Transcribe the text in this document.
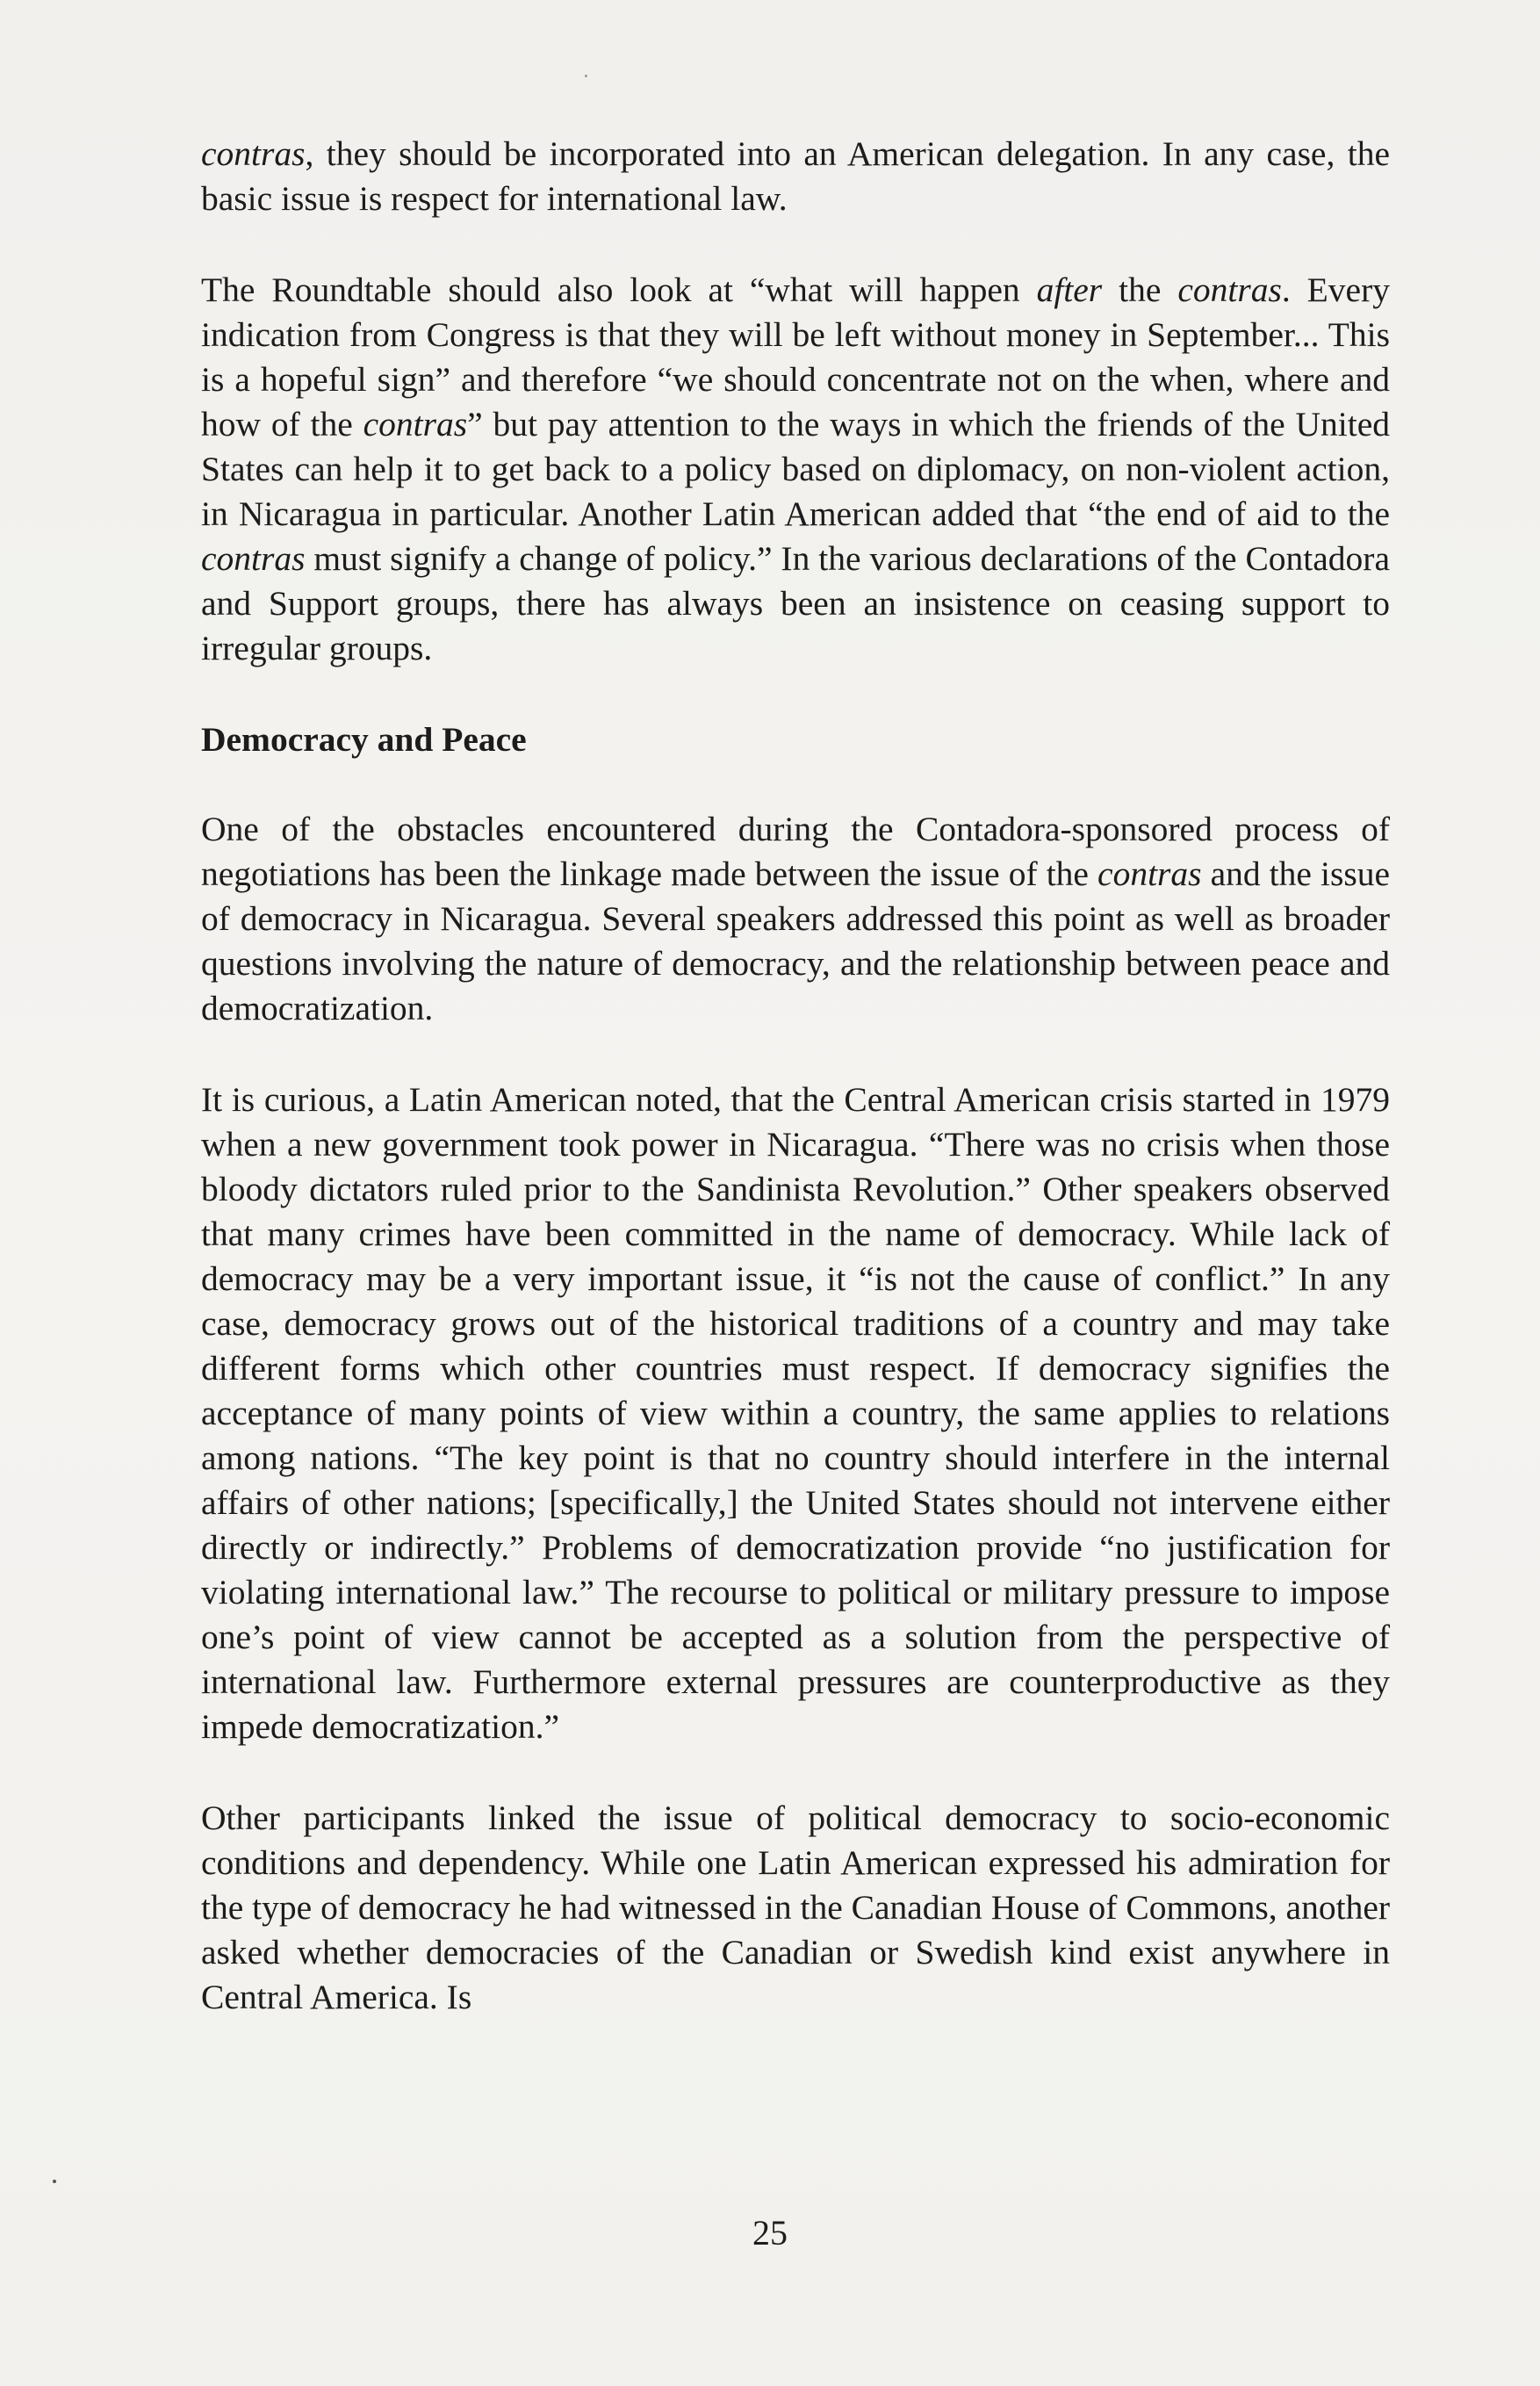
contras, they should be incorporated into an American delegation. In any case, the basic issue is respect for international law.

The Roundtable should also look at “what will happen after the contras. Every indication from Congress is that they will be left without money in September... This is a hopeful sign” and therefore “we should concentrate not on the when, where and how of the contras” but pay attention to the ways in which the friends of the United States can help it to get back to a policy based on diplomacy, on non-violent action, in Nicaragua in particular. Another Latin American added that “the end of aid to the contras must signify a change of policy.” In the various declarations of the Contadora and Support groups, there has always been an insistence on ceasing support to irregular groups.

Democracy and Peace

One of the obstacles encountered during the Contadora-sponsored process of negotiations has been the linkage made between the issue of the contras and the issue of democracy in Nicaragua. Several speakers addressed this point as well as broader questions involving the nature of democracy, and the relationship between peace and democratization.

It is curious, a Latin American noted, that the Central American crisis started in 1979 when a new government took power in Nicaragua. “There was no crisis when those bloody dictators ruled prior to the Sandinista Revolution.” Other speakers observed that many crimes have been committed in the name of democracy. While lack of democracy may be a very important issue, it “is not the cause of conflict.” In any case, democracy grows out of the historical traditions of a country and may take different forms which other countries must respect. If democracy signifies the acceptance of many points of view within a country, the same applies to relations among nations. “The key point is that no country should interfere in the internal affairs of other nations; [specifically,] the United States should not intervene either directly or indirectly.” Problems of democratization provide “no justification for violating international law.” The recourse to political or military pressure to impose one’s point of view cannot be accepted as a solution from the perspective of international law. Furthermore external pressures are counterproductive as they impede democratization.”

Other participants linked the issue of political democracy to socio-economic conditions and dependency. While one Latin American expressed his admiration for the type of democracy he had witnessed in the Canadian House of Commons, another asked whether democracies of the Canadian or Swedish kind exist anywhere in Central America. Is

25
